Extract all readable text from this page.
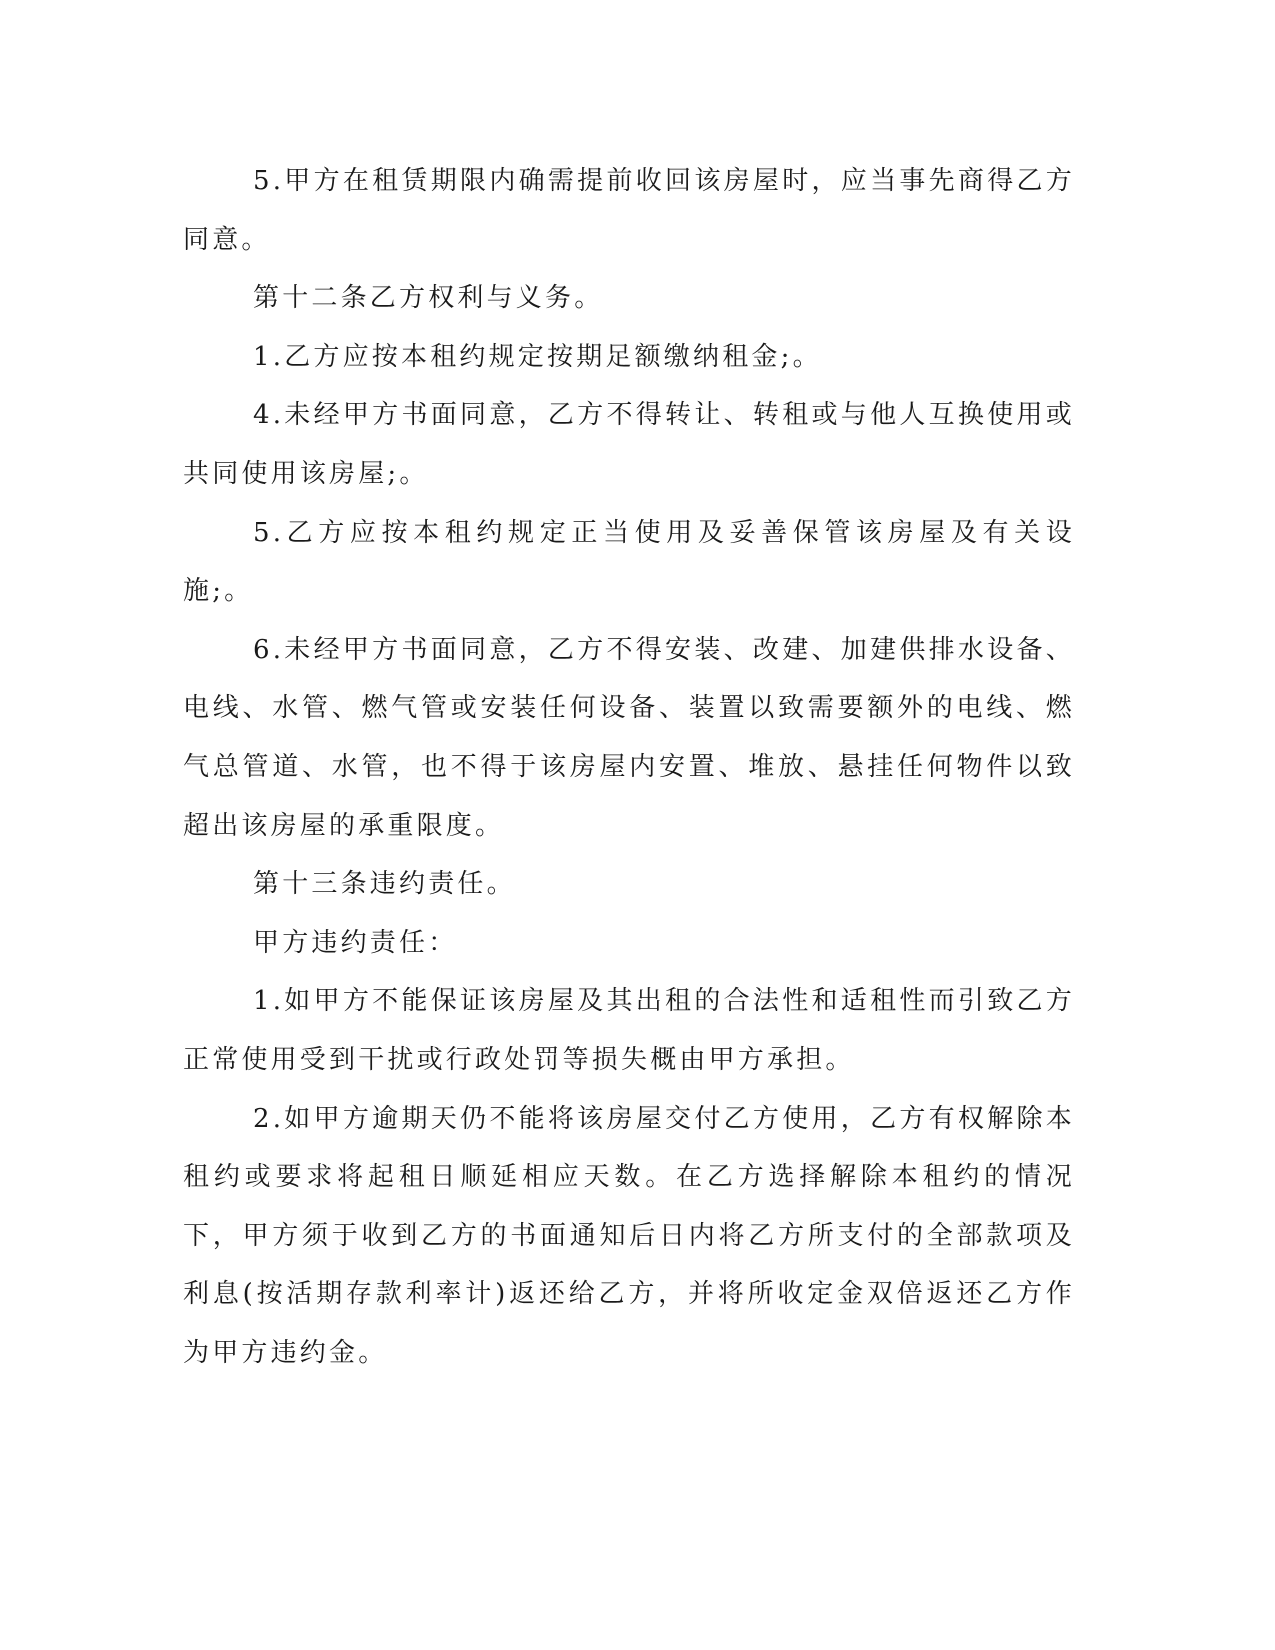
5.甲方在租赁期限内确需提前收回该房屋时，应当事先商得乙方同意。

第十二条乙方权利与义务。

1.乙方应按本租约规定按期足额缴纳租金;。

4.未经甲方书面同意，乙方不得转让、转租或与他人互换使用或共同使用该房屋;。

5.乙方应按本租约规定正当使用及妥善保管该房屋及有关设施;。

6.未经甲方书面同意，乙方不得安装、改建、加建供排水设备、电线、水管、燃气管或安装任何设备、装置以致需要额外的电线、燃气总管道、水管，也不得于该房屋内安置、堆放、悬挂任何物件以致超出该房屋的承重限度。

第十三条违约责任。

甲方违约责任：

1.如甲方不能保证该房屋及其出租的合法性和适租性而引致乙方正常使用受到干扰或行政处罚等损失概由甲方承担。

2.如甲方逾期天仍不能将该房屋交付乙方使用，乙方有权解除本租约或要求将起租日顺延相应天数。在乙方选择解除本租约的情况下，甲方须于收到乙方的书面通知后日内将乙方所支付的全部款项及利息(按活期存款利率计)返还给乙方，并将所收定金双倍返还乙方作为甲方违约金。
